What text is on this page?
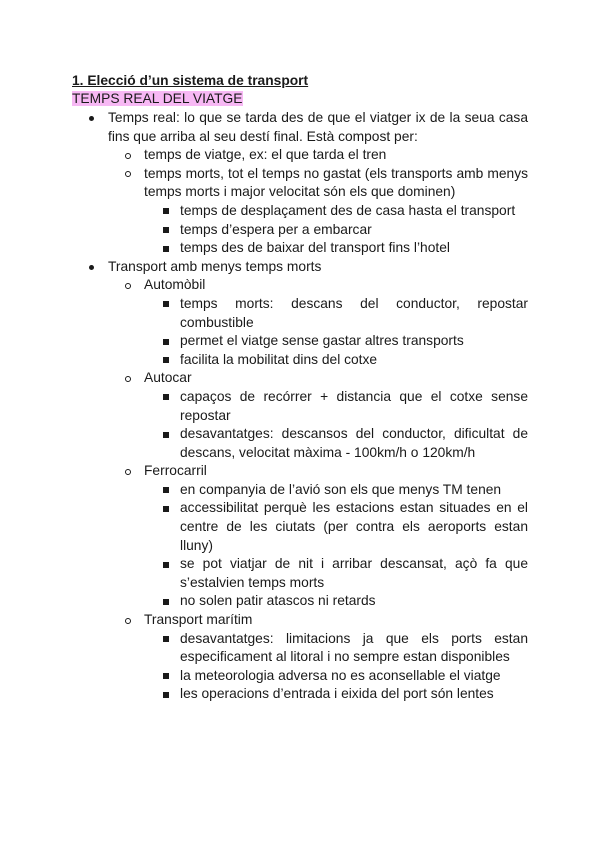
1. Elecció d’un sistema de transport
TEMPS REAL DEL VIATGE
Temps real: lo que se tarda des de que el viatger ix de la seua casa fins que arriba al seu destí final. Està compost per:
temps de viatge, ex: el que tarda el tren
temps morts, tot el temps no gastat (els transports amb menys temps morts i major velocitat són els que dominen)
temps de desplaçament des de casa hasta el transport
temps d’espera per a embarcar
temps des de baixar del transport fins l’hotel
Transport amb menys temps morts
Automòbil
temps morts: descans del conductor, repostar combustible
permet el viatge sense gastar altres transports
facilita la mobilitat dins del cotxe
Autocar
capaços de recórrer + distancia que el cotxe sense repostar
desavantatges: descansos del conductor, dificultat de descans, velocitat màxima - 100km/h o 120km/h
Ferrocarril
en companyia de l’avió son els que menys TM tenen
accessibilitat perquè les estacions estan situades en el centre de les ciutats (per contra els aeroports estan lluny)
se pot viatjar de nit i arribar descansat, açò fa que s’estalvien temps morts
no solen patir atascos ni retards
Transport marítim
desavantatges: limitacions ja que els ports estan especificament al litoral i no sempre estan disponibles
la meteorologia adversa no es aconsellable el viatge
les operacions d’entrada i eixida del port són lentes
